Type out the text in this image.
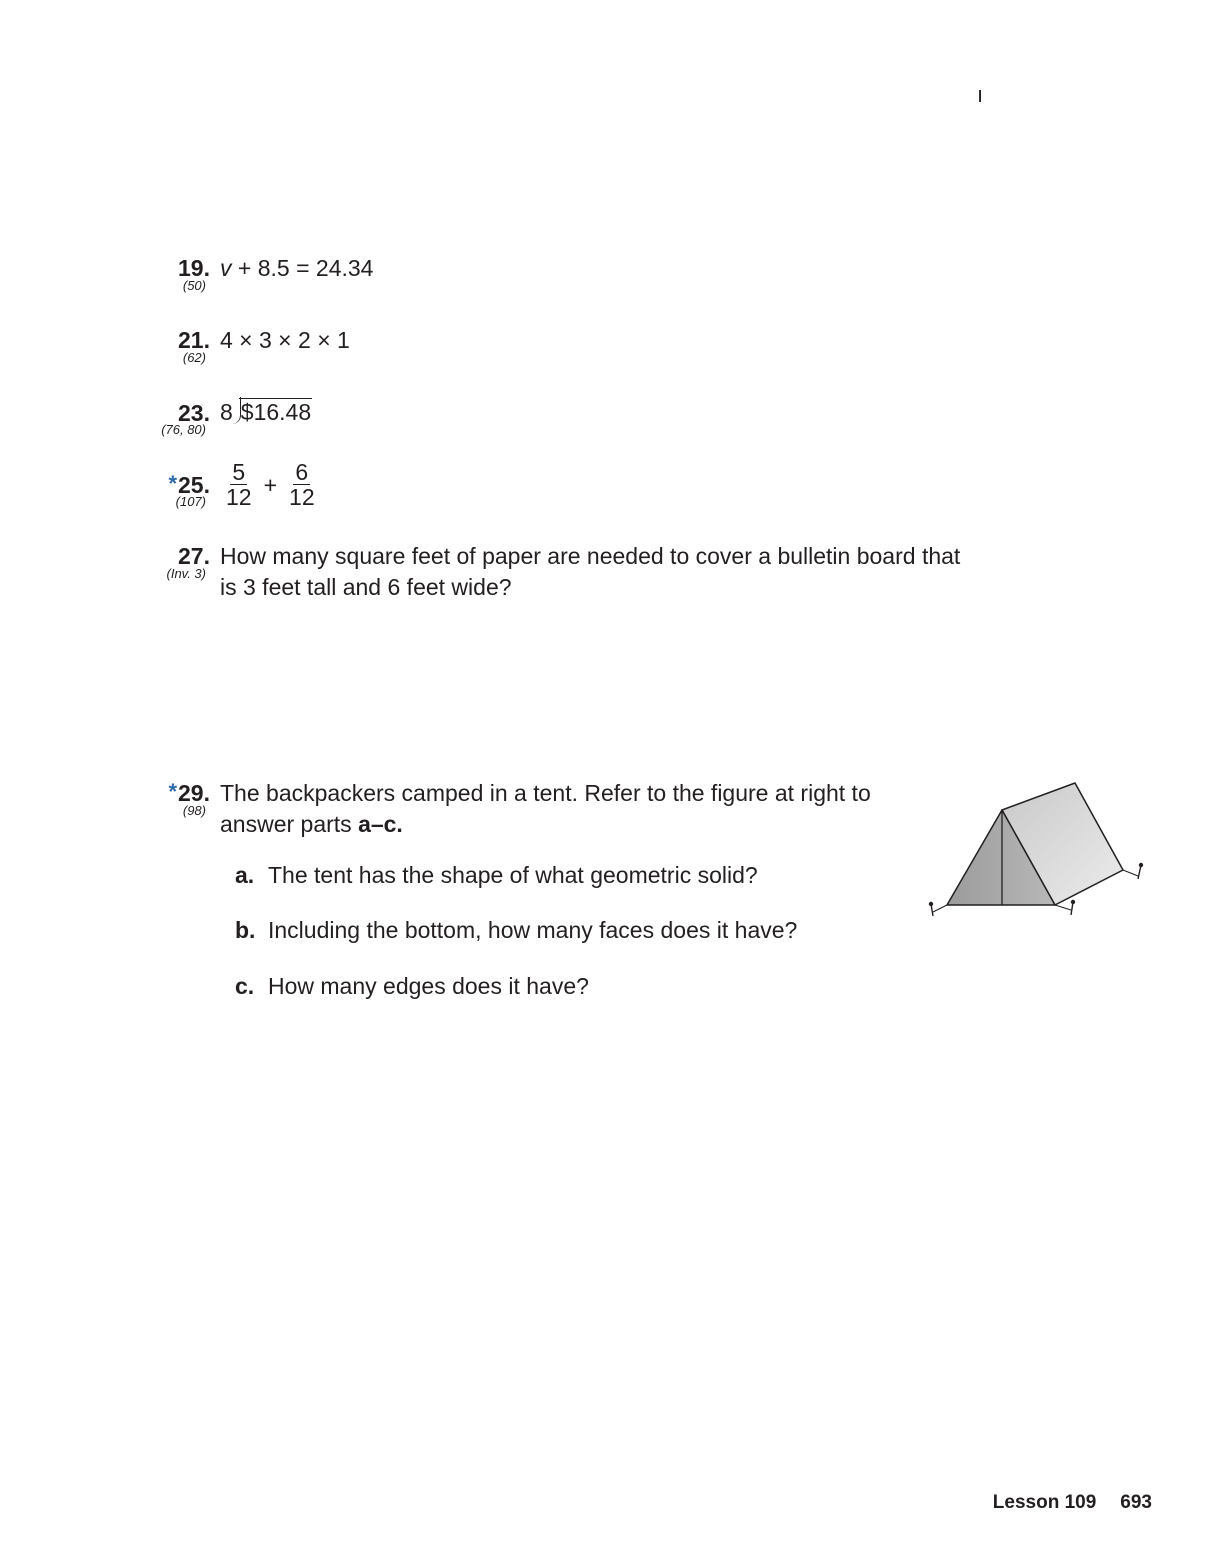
ı
19.
(50)
v + 8.5 = 24.34
21.
(62)
4 × 3 × 2 × 1
23.
(76, 80)
8 $16.48
*25.
$(107) \frac{5}{12} + \frac{6}{12}$
27.
(Inv. 3)
How many square feet of paper are needed to cover a bulletin board that is 3 feet tall and 6 feet wide?
*29.
(98)
The backpackers camped in a tent. Refer to the figure at right to answer parts a–c.
a. The tent has the shape of what geometric solid?
b. Including the bottom, how many faces does it have?
c. How many edges does it have?
Lesson 109 693
